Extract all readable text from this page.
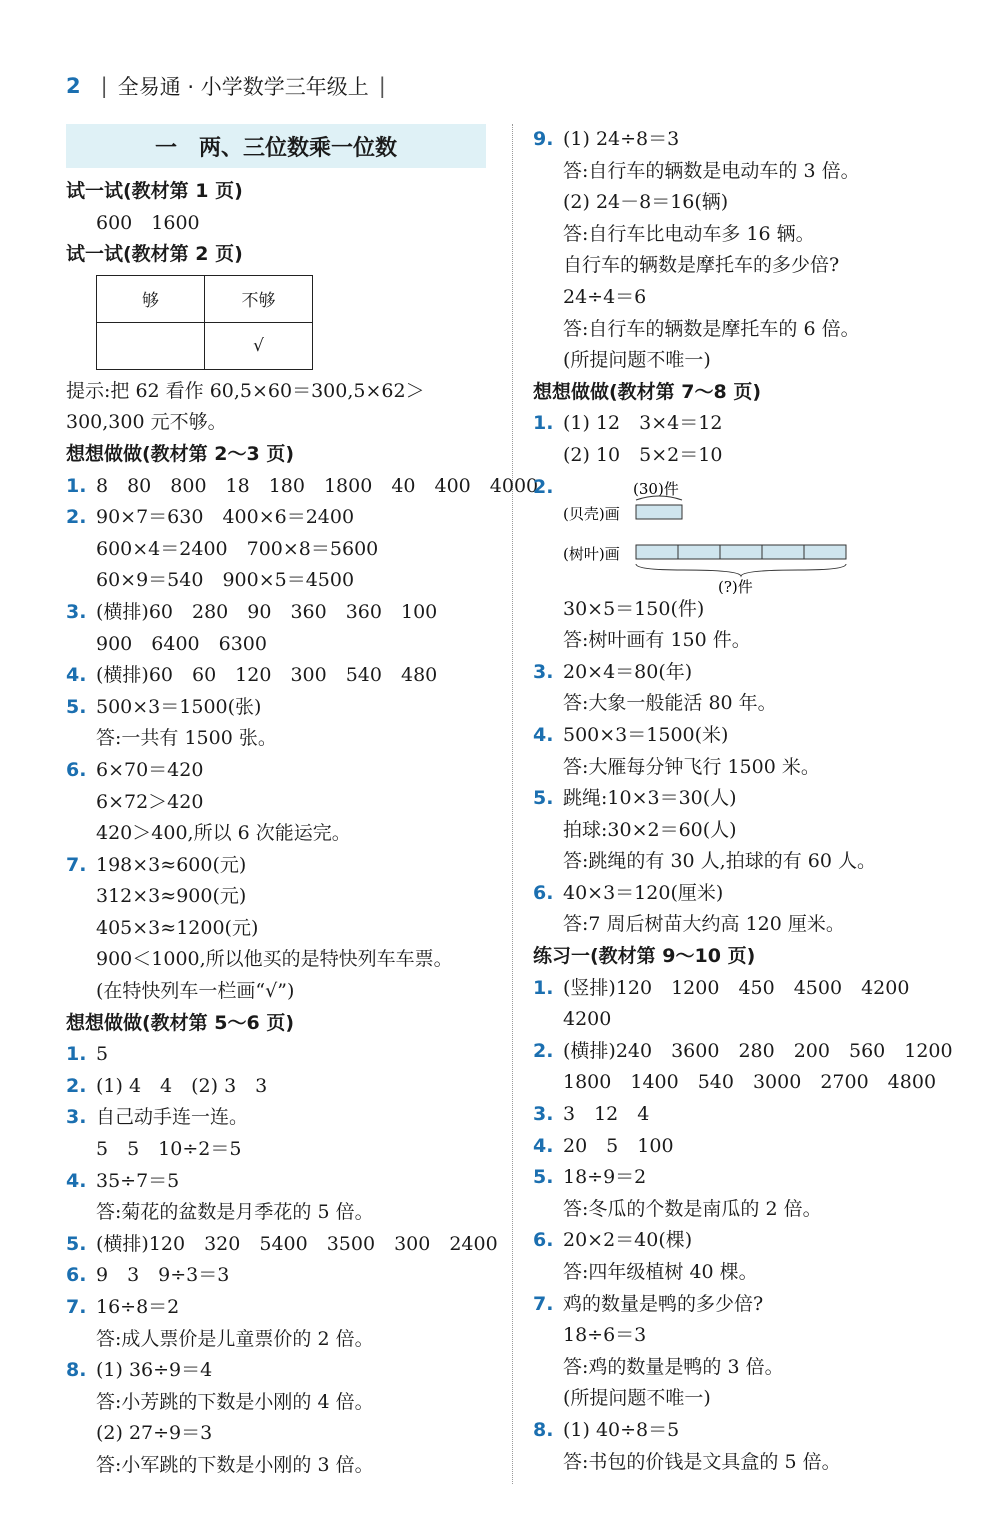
2 | 全易通 · 小学数学三年级上 |
一　两、三位数乘一位数
试一试(教材第 1 页)
600　1600
试一试(教材第 2 页)
够	不够
	√
提示:把 62 看作 60,5×60＝300,5×62＞
300,300 元不够。
想想做做(教材第 2～3 页)
1. 8　80　800　18　180　1800　40　400　4000
2. 90×7＝630　400×6＝2400
600×4＝2400　700×8＝5600
60×9＝540　900×5＝4500
3. (横排)60　280　90　360　360　100
900　6400　6300
4. (横排)60　60　120　300　540　480
5. 500×3＝1500(张)
答:一共有 1500 张。
6. 6×70＝420
6×72＞420
420＞400,所以 6 次能运完。
7. 198×3≈600(元)
312×3≈900(元)
405×3≈1200(元)
900＜1000,所以他买的是特快列车车票。
(在特快列车一栏画“√”)
想想做做(教材第 5～6 页)
1. 5
2. (1) 4　4　(2) 3　3
3. 自己动手连一连。
5　5　10÷2＝5
4. 35÷7＝5
答:菊花的盆数是月季花的 5 倍。
5. (横排)120　320　5400　3500　300　2400
6. 9　3　9÷3＝3
7. 16÷8＝2
答:成人票价是儿童票价的 2 倍。
8. (1) 36÷9＝4
答:小芳跳的下数是小刚的 4 倍。
(2) 27÷9＝3
答:小军跳的下数是小刚的 3 倍。
9. (1) 24÷8＝3
答:自行车的辆数是电动车的 3 倍。
(2) 24－8＝16(辆)
答:自行车比电动车多 16 辆。
自行车的辆数是摩托车的多少倍?
24÷4＝6
答:自行车的辆数是摩托车的 6 倍。
(所提问题不唯一)
想想做做(教材第 7～8 页)
1. (1) 12　3×4＝12
(2) 10　5×2＝10
2.	(30)件
(贝壳)画
(树叶)画
(?)件
30×5＝150(件)
答:树叶画有 150 件。
3. 20×4＝80(年)
答:大象一般能活 80 年。
4. 500×3＝1500(米)
答:大雁每分钟飞行 1500 米。
5. 跳绳:10×3＝30(人)
拍球:30×2＝60(人)
答:跳绳的有 30 人,拍球的有 60 人。
6. 40×3＝120(厘米)
答:7 周后树苗大约高 120 厘米。
练习一(教材第 9～10 页)
1. (竖排)120　1200　450　4500　4200
4200
2. (横排)240　3600　280　200　560　1200
1800　1400　540　3000　2700　4800
3. 3　12　4
4. 20　5　100
5. 18÷9＝2
答:冬瓜的个数是南瓜的 2 倍。
6. 20×2＝40(棵)
答:四年级植树 40 棵。
7. 鸡的数量是鸭的多少倍?
18÷6＝3
答:鸡的数量是鸭的 3 倍。
(所提问题不唯一)
8. (1) 40÷8＝5
答:书包的价钱是文具盒的 5 倍。
